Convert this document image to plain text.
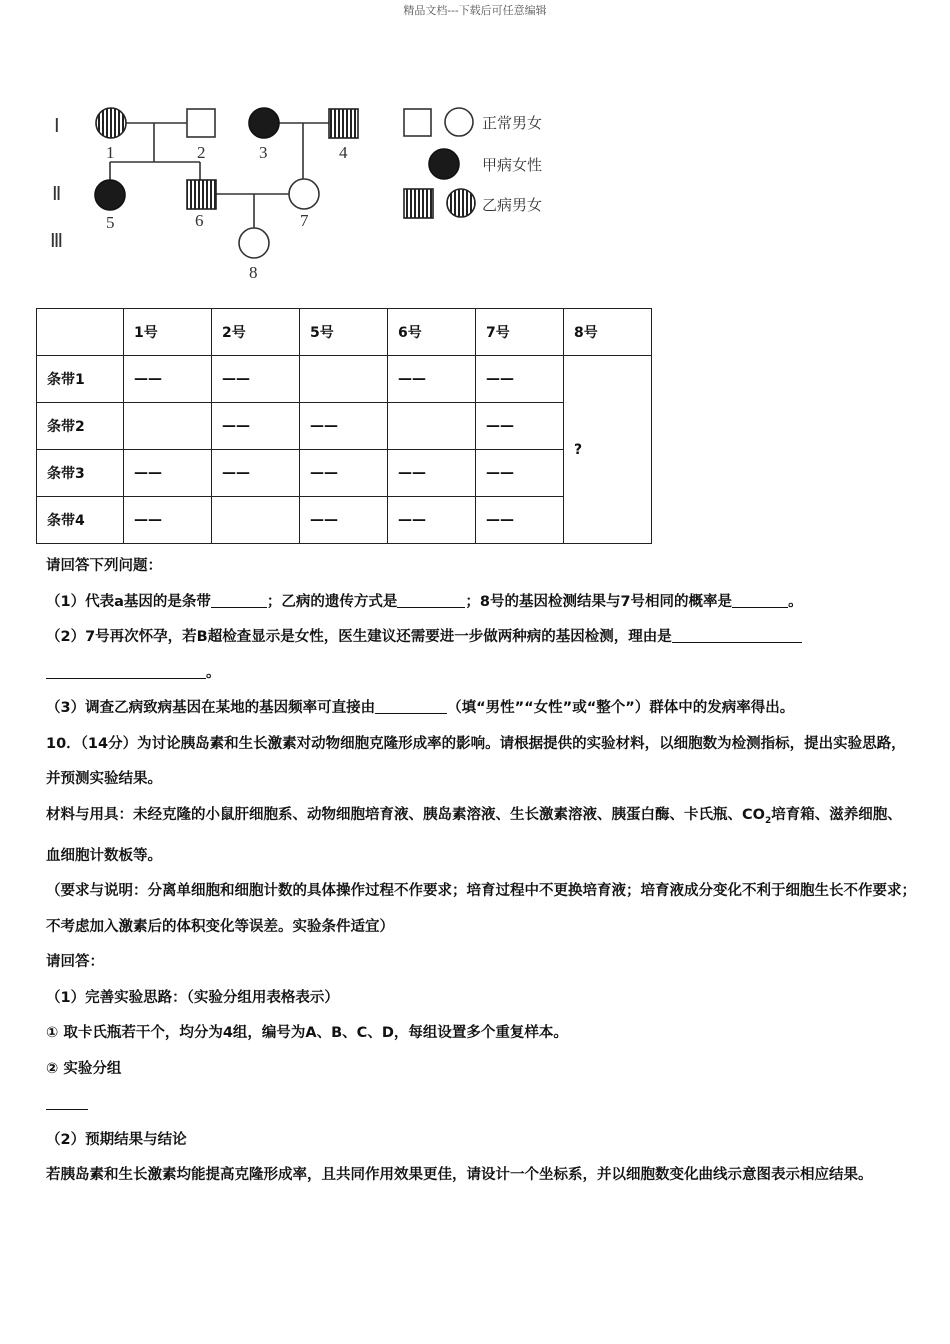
精品文档---下载后可任意编辑
Ⅰ
Ⅱ
Ⅲ
1	2	3	4
5	6	7
8
正常男女
甲病女性
乙病男女
	1号	2号	5号	6号	7号	8号
条带1	——	——		——	——	?
条带2		——	——		——	
条带3	——	——	——	——	——	
条带4	——		——	——	——	

请回答下列问题：

（1）代表a基因的是条带	；乙病的遗传方式是	；8号的基因检测结果与7号相同的概率是	。

（2）7号再次怀孕，若B超检查显示是女性，医生建议还需要进一步做两种病的基因检测，理由是

。

（3）调查乙病致病基因在某地的基因频率可直接由	（填“男性”“女性”或“整个”）群体中的发病率得出。

10．（14分）为讨论胰岛素和生长激素对动物细胞克隆形成率的影响。请根据提供的实验材料，以细胞数为检测指标，提出实验思路，并预测实验结果。

材料与用具：未经克隆的小鼠肝细胞系、动物细胞培育液、胰岛素溶液、生长激素溶液、胰蛋白酶、卡氏瓶、$CO_2$培育箱、滋养细胞、血细胞计数板等。

（要求与说明：分离单细胞和细胞计数的具体操作过程不作要求；培育过程中不更换培育液；培育液成分变化不利于细胞生长不作要求；不考虑加入激素后的体积变化等误差。实验条件适宜）

请回答：

（1）完善实验思路：（实验分组用表格表示）

① 取卡氏瓶若干个，均分为4组，编号为A、B、C、D，每组设置多个重复样本。

② 实验分组

（2）预期结果与结论

若胰岛素和生长激素均能提高克隆形成率，且共同作用效果更佳，请设计一个坐标系，并以细胞数变化曲线示意图表示相应结果。
